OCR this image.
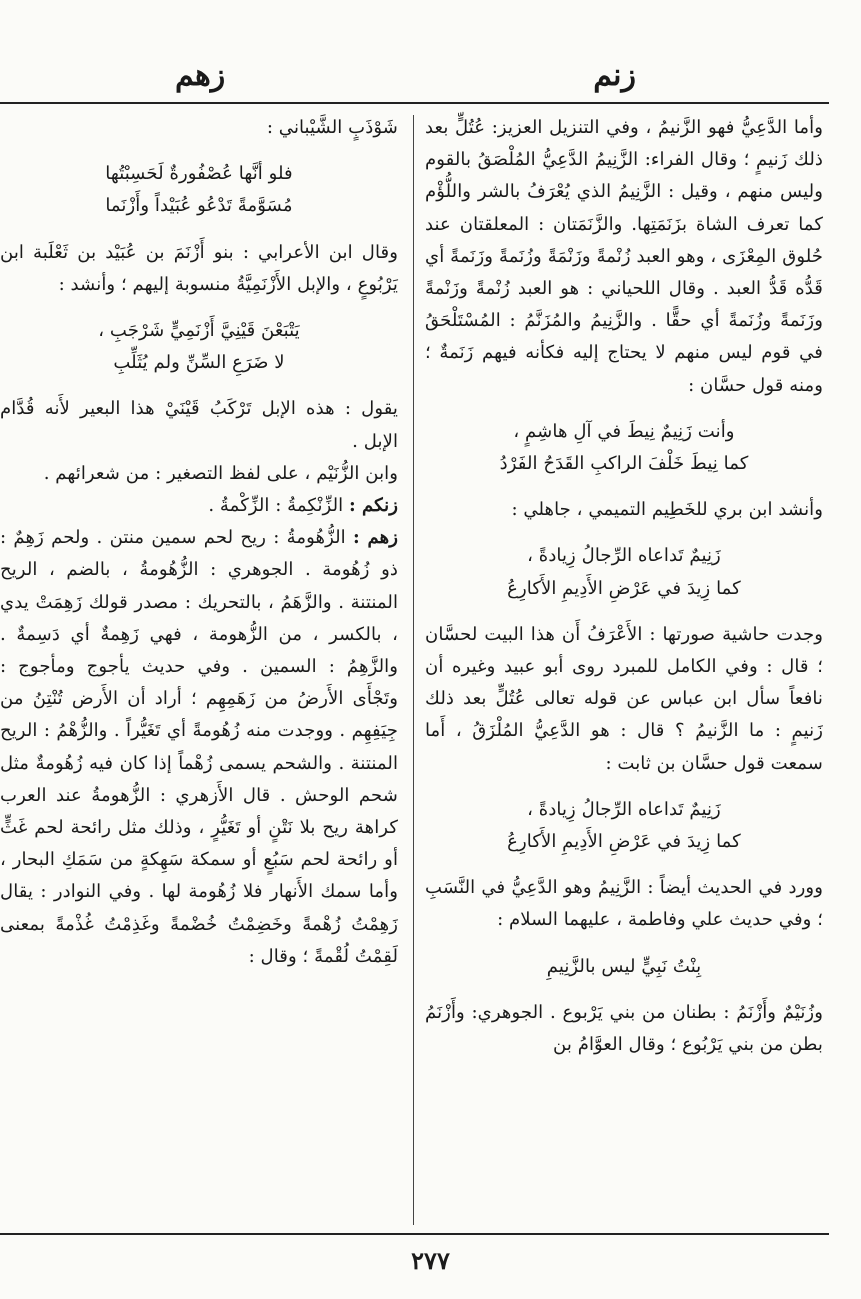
زنم
زهم

وأما الدَّعِيُّ فهو الزَّنيمُ ، وفي التنزيل العزيز: عُتُلٍّ بعد ذلك زَنيمٍ ؛ وقال الفراء: الزَّنِيمُ الدَّعِيُّ المُلْصَقُ بالقوم وليس منهم ، وقيل : الزَّنِيمُ الذي يُعْرَفُ بالشر واللُّؤْم كما تعرف الشاة بزَنَمَتِها. والزَّنَمَتان : المعلقتان عند حُلوق المِعْزَى ، وهو العبد زُنْمةً وزَنْمَةً وزُنَمةً وزَنَمةً أي قَدُّه قَدُّ العبد . وقال اللحياني : هو العبد زُنْمةً وزَنْمةً وزَنَمةً وزُنَمةً أي حقًّا . والزَّنِيمُ والمُزَنَّمُ : المُسْتَلْحَقُ في قوم ليس منهم لا يحتاج إليه فكأنه فيهم زَنَمةٌ ؛ ومنه قول حسَّان :

وأنت زَنِيمٌ نِيطَ في آلِ هاشِمٍ ،

كما نِيطَ خَلْفَ الراكبِ القَدَحُ الفَرْدُ

وأنشد ابن بري للخَطِيم التميمي ، جاهلي :

زَنِيمٌ تَداعاه الرِّجالُ زِيادةً ،

كما زِيدَ في عَرْضِ الأَدِيمِ الأَكارِعُ

وجدت حاشية صورتها : الأَعْرَفُ أَن هذا البيت لحسَّان ؛ قال : وفي الكامل للمبرد روى أبو عبيد وغيره أن نافعاً سأل ابن عباس عن قوله تعالى عُتُلٍّ بعد ذلك زَنيمٍ : ما الزَّنيمُ ؟ قال : هو الدَّعِيُّ المُلْزَقُ ، أَما سمعت قول حسَّان بن ثابت :

زَنِيمٌ تَداعاه الرِّجالُ زِيادةً ،

كما زِيدَ في عَرْضِ الأَدِيمِ الأَكارِعُ

وورد في الحديث أيضاً : الزَّنِيمُ وهو الدَّعِيُّ في النَّسَبِ ؛ وفي حديث علي وفاطمة ، عليهما السلام :

بِنْتُ نَبِيٍّ ليس بالزَّنِيمِ

وزُنَيْمٌ وأَزْنَمُ : بطنان من بني يَرْبوع . الجوهري: وأَزْنَمُ بطن من بني يَرْبُوع ؛ وقال العوَّامُ بن

شَوْذَبٍ الشَّيْباني :

فلو أنَّها عُصْفُورةٌ لَحَسِبْتُها

مُسَوَّمةً تَدْعُو عُبَيْداً وأَزْنَما

وقال ابن الأعرابي : بنو أَزْنَمَ بن عُبَيْد بن ثَعْلَبة ابن يَرْبُوعٍ ، والإبل الأَزْنَمِيَّةُ منسوبة إليهم ؛ وأنشد :

يَتْبَعْنَ قَيْنِيَّ أَزْنَمِيٍّ شَرْجَبِ ،

لا ضَرَعِ السِّنِّ ولم يُثَلِّبِ

يقول : هذه الإبل تَرْكَبُ قَيْنَيْ هذا البعير لأَنه قُدَّام الإبل .

وابن الزُّنَيْم ، على لفظ التصغير : من شعرائهم .

زنكم : الزِّنْكِمةُ : الزِّكْمةُ .

زهم : الزُّهُومةُ : ريح لحم سمين منتن . ولحم زَهِمٌ : ذو زُهُومة . الجوهري : الزُّهُومةُ ، بالضم ، الريح المنتنة . والزَّهَمُ ، بالتحريك : مصدر قولك زَهِمَتْ يدي ، بالكسر ، من الزُّهومة ، فهي زَهِمةٌ أي دَسِمةٌ . والزَّهِمُ : السمين . وفي حديث يأجوج ومأجوج : وتَجْأَى الأَرضُ من زَهَمِهِم ؛ أراد أن الأَرض تُنْتِنُ من جِيَفِهِم . ووجدت منه زُهُومةً أي تَغَيُّراً . والزُّهْمُ : الريح المنتنة . والشحم يسمى زُهْماً إذا كان فيه زُهُومةٌ مثل شحم الوحش . قال الأَزهري : الزُّهومةُ عند العرب كراهة ريح بلا نَتْنٍ أو تَغَيُّرٍ ، وذلك مثل رائحة لحم غَثٍّ أو رائحة لحم سَبُعٍ أو سمكة سَهِكةٍ من سَمَكِ البحار ، وأما سمك الأَنهار فلا زُهُومة لها . وفي النوادر : يقال زَهِمْتُ زُهْمةً وخَضِمْتُ خُضْمةً وغَذِمْتُ غُذْمةً بمعنى لَقِمْتُ لُقْمةً ؛ وقال :

٢٧٧
